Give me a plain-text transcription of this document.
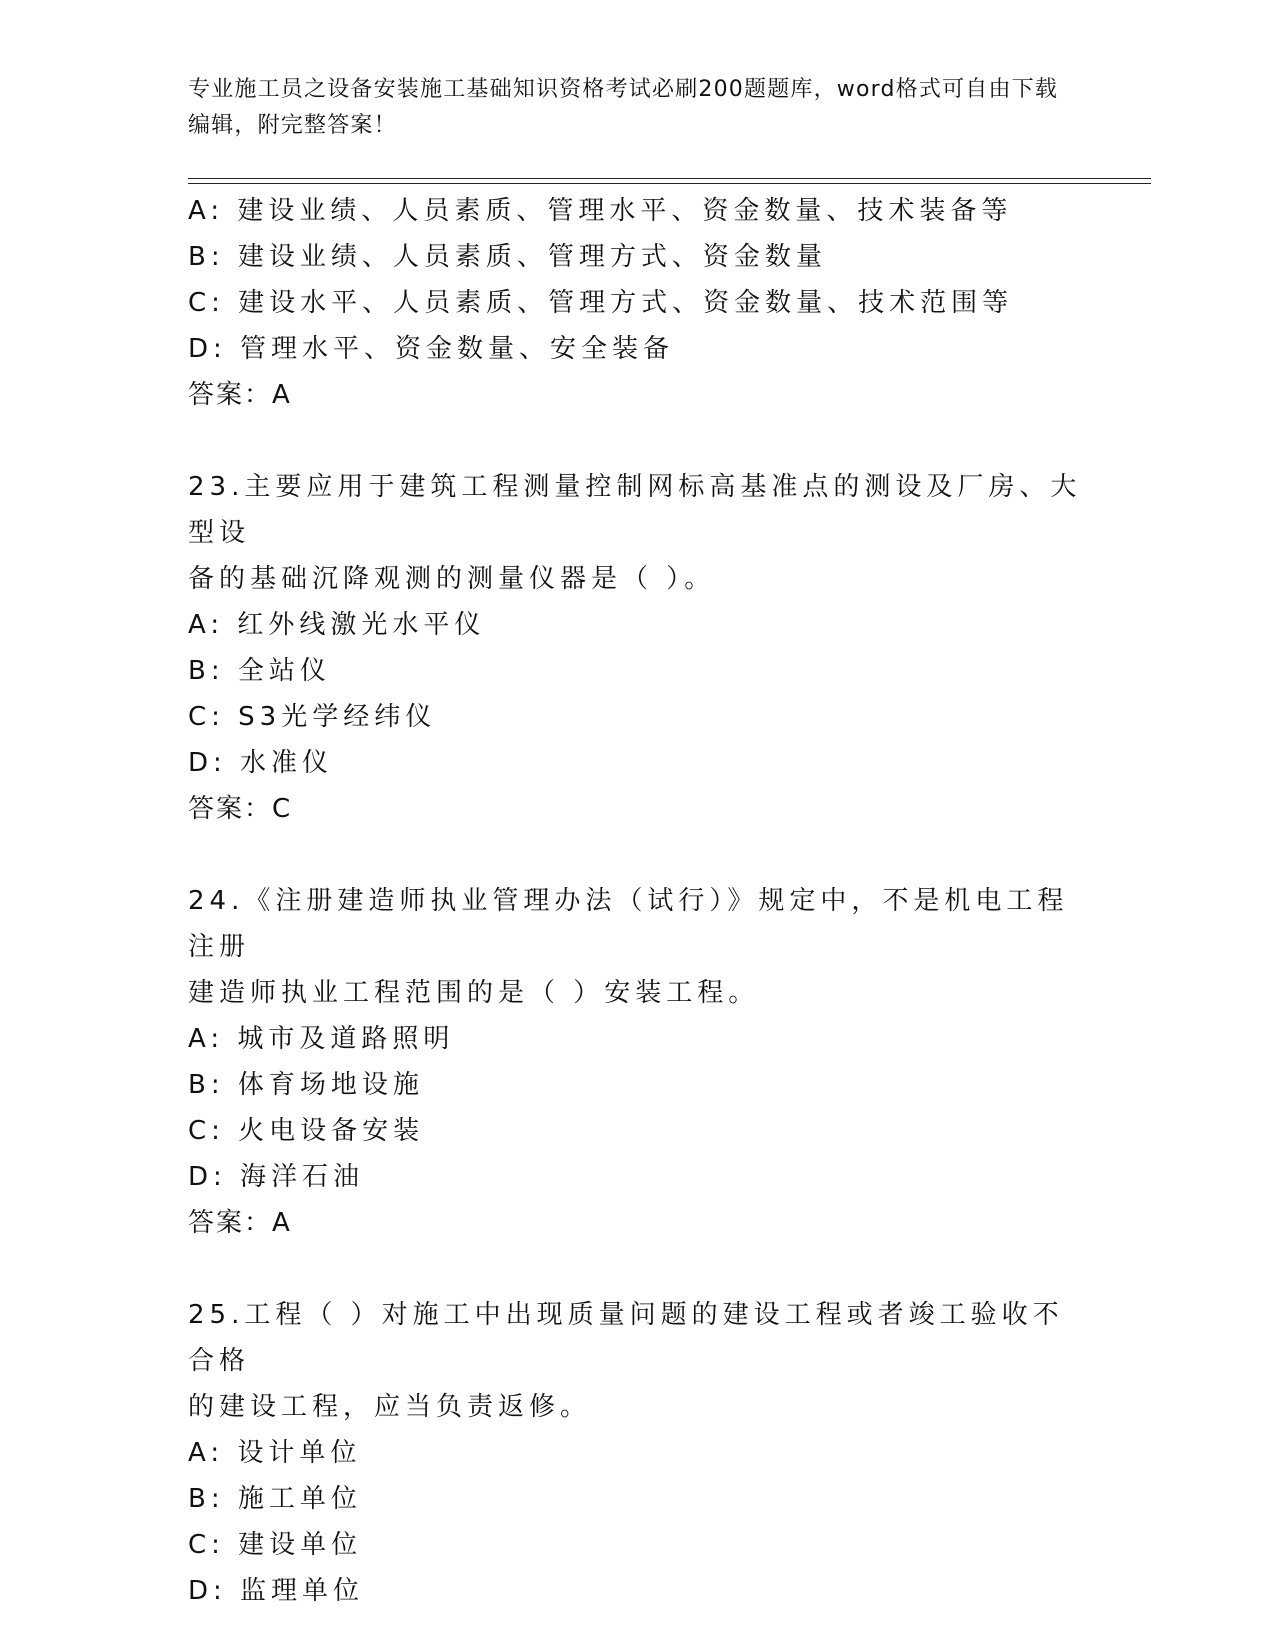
专业施工员之设备安装施工基础知识资格考试必刷200题题库，word格式可自由下载编辑，附完整答案！
A: 建设业绩、人员素质、管理水平、资金数量、技术装备等
B: 建设业绩、人员素质、管理方式、资金数量
C: 建设水平、人员素质、管理方式、资金数量、技术范围等
D: 管理水平、资金数量、安全装备
答案：A
23.主要应用于建筑工程测量控制网标高基准点的测设及厂房、大型设
备的基础沉降观测的测量仪器是（ ）。
A: 红外线激光水平仪
B: 全站仪
C: S3光学经纬仪
D: 水准仪
答案：C
24.《注册建造师执业管理办法（试行）》规定中，不是机电工程注册
建造师执业工程范围的是（ ）安装工程。
A: 城市及道路照明
B: 体育场地设施
C: 火电设备安装
D: 海洋石油
答案：A
25.工程（ ）对施工中出现质量问题的建设工程或者竣工验收不合格
的建设工程，应当负责返修。
A: 设计单位
B: 施工单位
C: 建设单位
D: 监理单位
